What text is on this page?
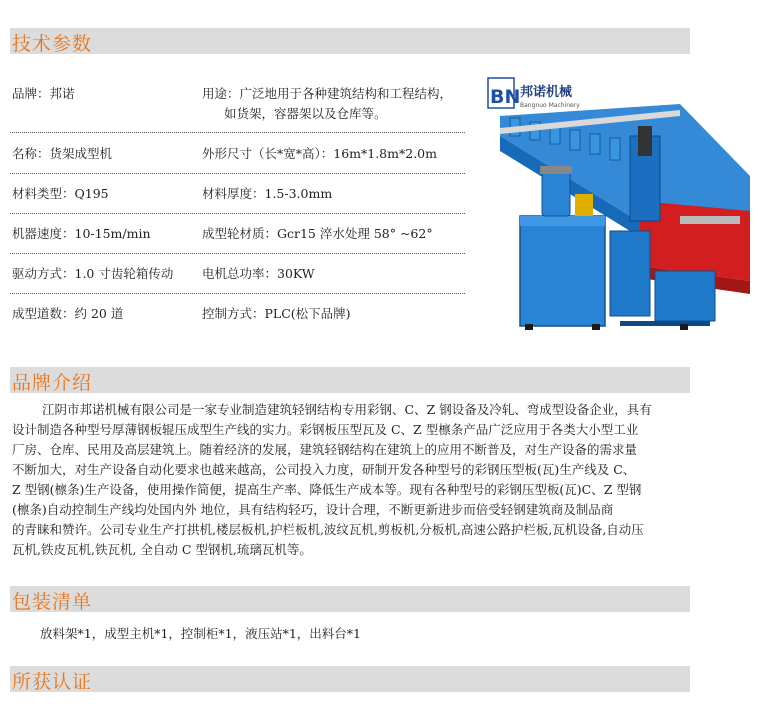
技术参数
品牌：邦诺	用途：广泛地用于各种建筑结构和工程结构，
如货架，容器架以及仓库等。
名称：货架成型机	外形尺寸（长*宽*高）：16m*1.8m*2.0m
材料类型：Q195	材料厚度：1.5-3.0mm
机器速度：10-15m/min	成型轮材质：Gcr15 淬水处理 58° ~62°
驱动方式：1.0 寸齿轮箱传动 电机总功率：30KW
成型道数：约 20 道	控制方式：PLC(松下品牌)
BN 邦诺机械
Bangnuo Machinery
品牌介绍
江阴市邦诺机械有限公司是一家专业制造建筑轻钢结构专用彩钢、C、Z 钢设备及冷轧、弯成型设备企业，具有
设计制造各种型号厚薄钢板辊压成型生产线的实力。彩钢板压型瓦及 C、Z 型檩条产品广泛应用于各类大小型工业
厂房、仓库、民用及高层建筑上。随着经济的发展，建筑轻钢结构在建筑上的应用不断普及，对生产设备的需求量
不断加大，对生产设备自动化要求也越来越高，公司投入力度，研制开发各种型号的彩钢压型板(瓦)生产线及 C、
Z 型钢(檩条)生产设备，使用操作简便，提高生产率、降低生产成本等。现有各种型号的彩钢压型板(瓦)C、Z 型钢
(檩条)自动控制生产线均处国内外 地位，具有结构轻巧，设计合理，不断更新进步而倍受轻钢建筑商及制品商
的青睐和赞许。公司专业生产打拱机,楼层板机,护栏板机,波纹瓦机,剪板机,分板机,高速公路护栏板,瓦机设备,自动压
瓦机,铁皮瓦机,铁瓦机, 全自动 C 型钢机,琉璃瓦机等。
包装清单
放料架*1，成型主机*1，控制柜*1，液压站*1，出料台*1
所获认证
